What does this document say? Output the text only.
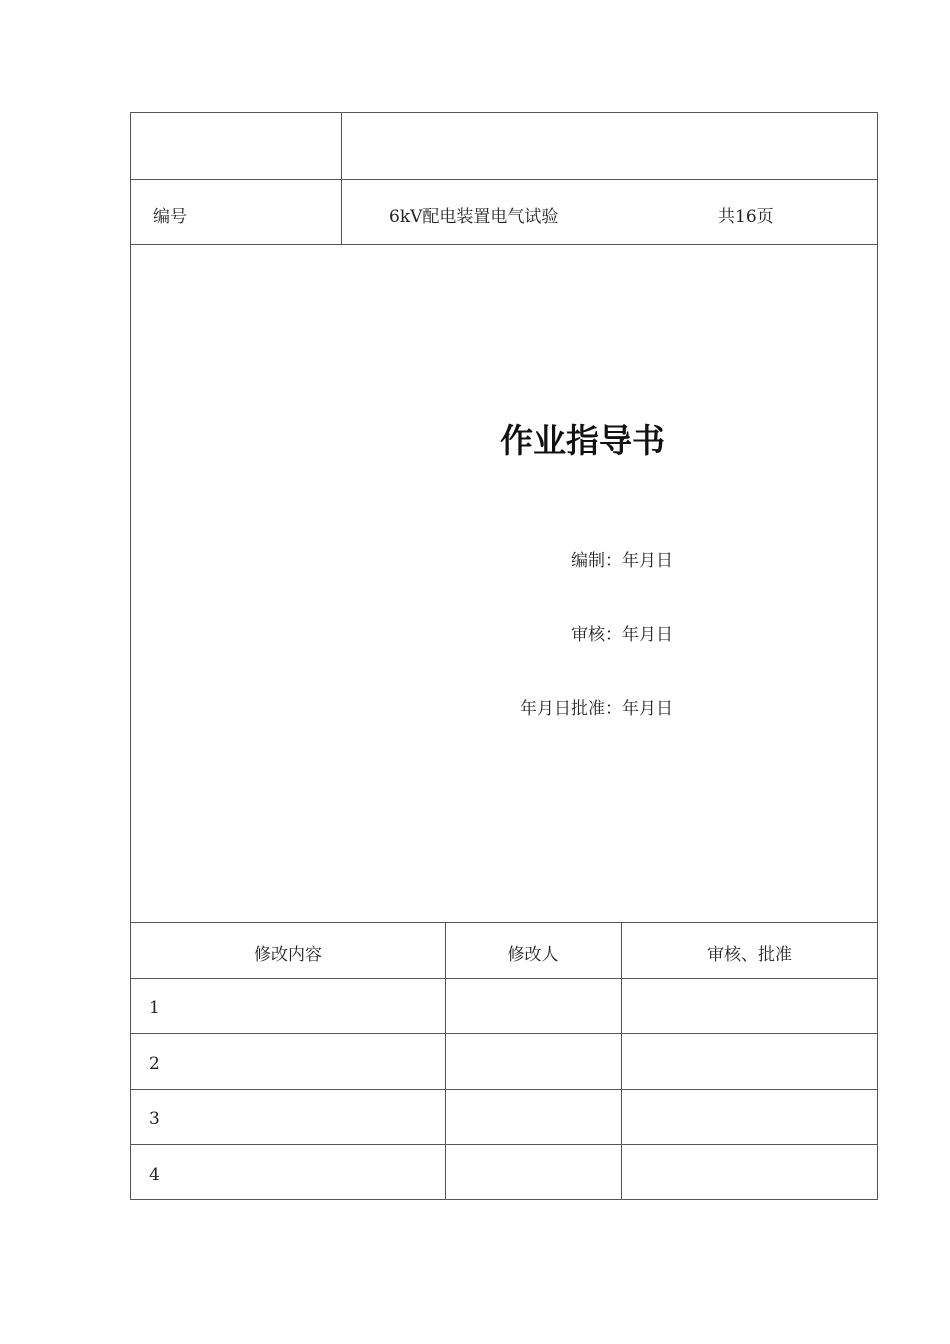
编号	6kV配电装置电气试验	共16页
作业指导书
编制：年月日
审核：年月日
年月日批准：年月日
修改内容	修改人	审核、批准
1
2
3
4
